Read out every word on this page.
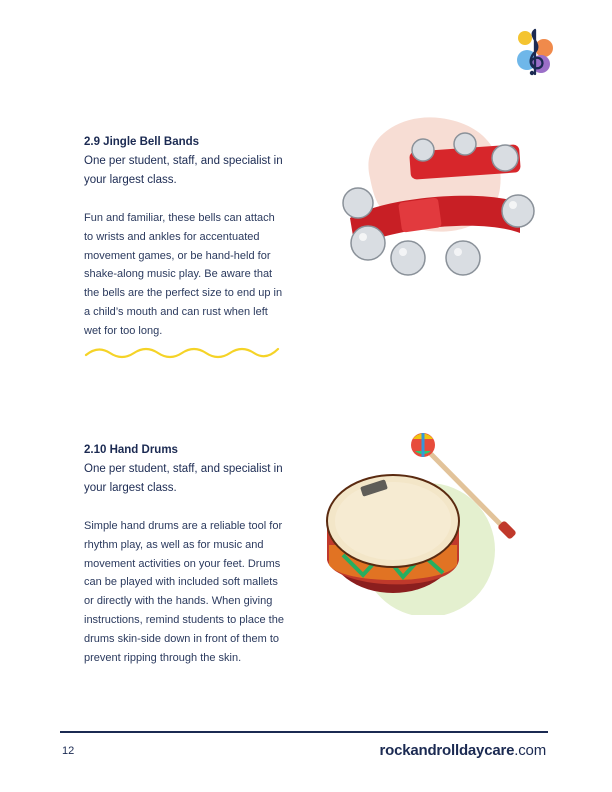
2.9 Jingle Bell Bands

One per student, staff, and specialist in

your largest class.

Fun and familiar, these bells can attach

to wrists and ankles for accentuated

movement games, or be hand-held for

shake-along music play. Be aware that

the bells are the perfect size to end up in

a child’s mouth and can rust when left

wet for too long.

2.10 Hand Drums

One per student, staff, and specialist in

your largest class.

Simple hand drums are a reliable tool for

rhythm play, as well as for music and

movement activities on your feet. Drums

can be played with included soft mallets

or directly with the hands. When giving

instructions, remind students to place the

drums skin-side down in front of them to

prevent ripping through the skin.

12	rockandrolldaycare.com
